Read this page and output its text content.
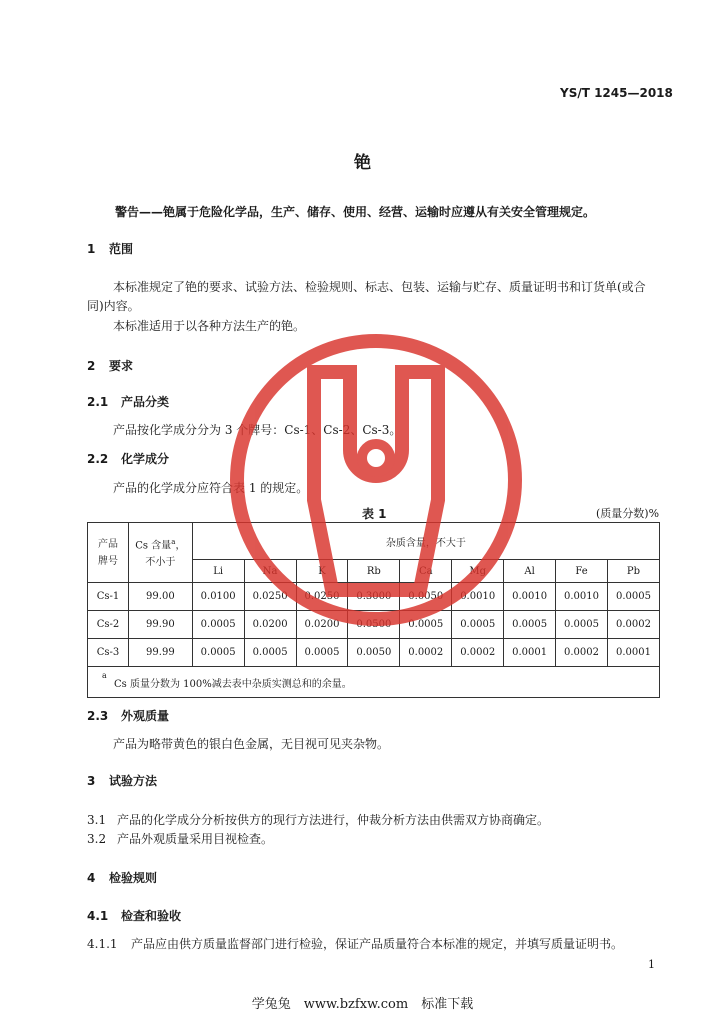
YS/T 1245—2018
铯
警告——铯属于危险化学品，生产、储存、使用、经营、运输时应遵从有关安全管理规定。
1 范围
本标准规定了铯的要求、试验方法、检验规则、标志、包装、运输与贮存、质量证明书和订货单(或合
同)内容。
本标准适用于以各种方法生产的铯。
2 要求
2.1 产品分类
产品按化学成分分为 3 个牌号：Cs-1、Cs-2、Cs-3。
2.2 化学成分
产品的化学成分应符合表 1 的规定。
表 1	(质量分数)%
产品牌号	Cs 含量$^a$，
不小于	杂质含量，不大于								
		Li	Na	K	Rb	Ca	Mg	Al	Fe	Pb
Cs-1	99.00	0.0100	0.0250	0.0250	0.3000	0.0050	0.0010	0.0010	0.0010	0.0005
Cs-2	99.90	0.0005	0.0200	0.0200	0.0500	0.0005	0.0005	0.0005	0.0005	0.0002
Cs-3	99.99	0.0005	0.0005	0.0005	0.0050	0.0002	0.0002	0.0001	0.0002	0.0001

a
Cs 质量分数为 100%减去表中杂质实测总和的余量。										
2.3 外观质量
产品为略带黄色的银白色金属，无目视可见夹杂物。
3 试验方法
3.1 产品的化学成分分析按供方的现行方法进行，仲裁分析方法由供需双方协商确定。
3.2 产品外观质量采用目视检查。
4 检验规则
4.1 检查和验收
4.1.1 产品应由供方质量监督部门进行检验，保证产品质量符合本标准的规定，并填写质量证明书。
1
学兔兔　www.bzfxw.com　标准下载
